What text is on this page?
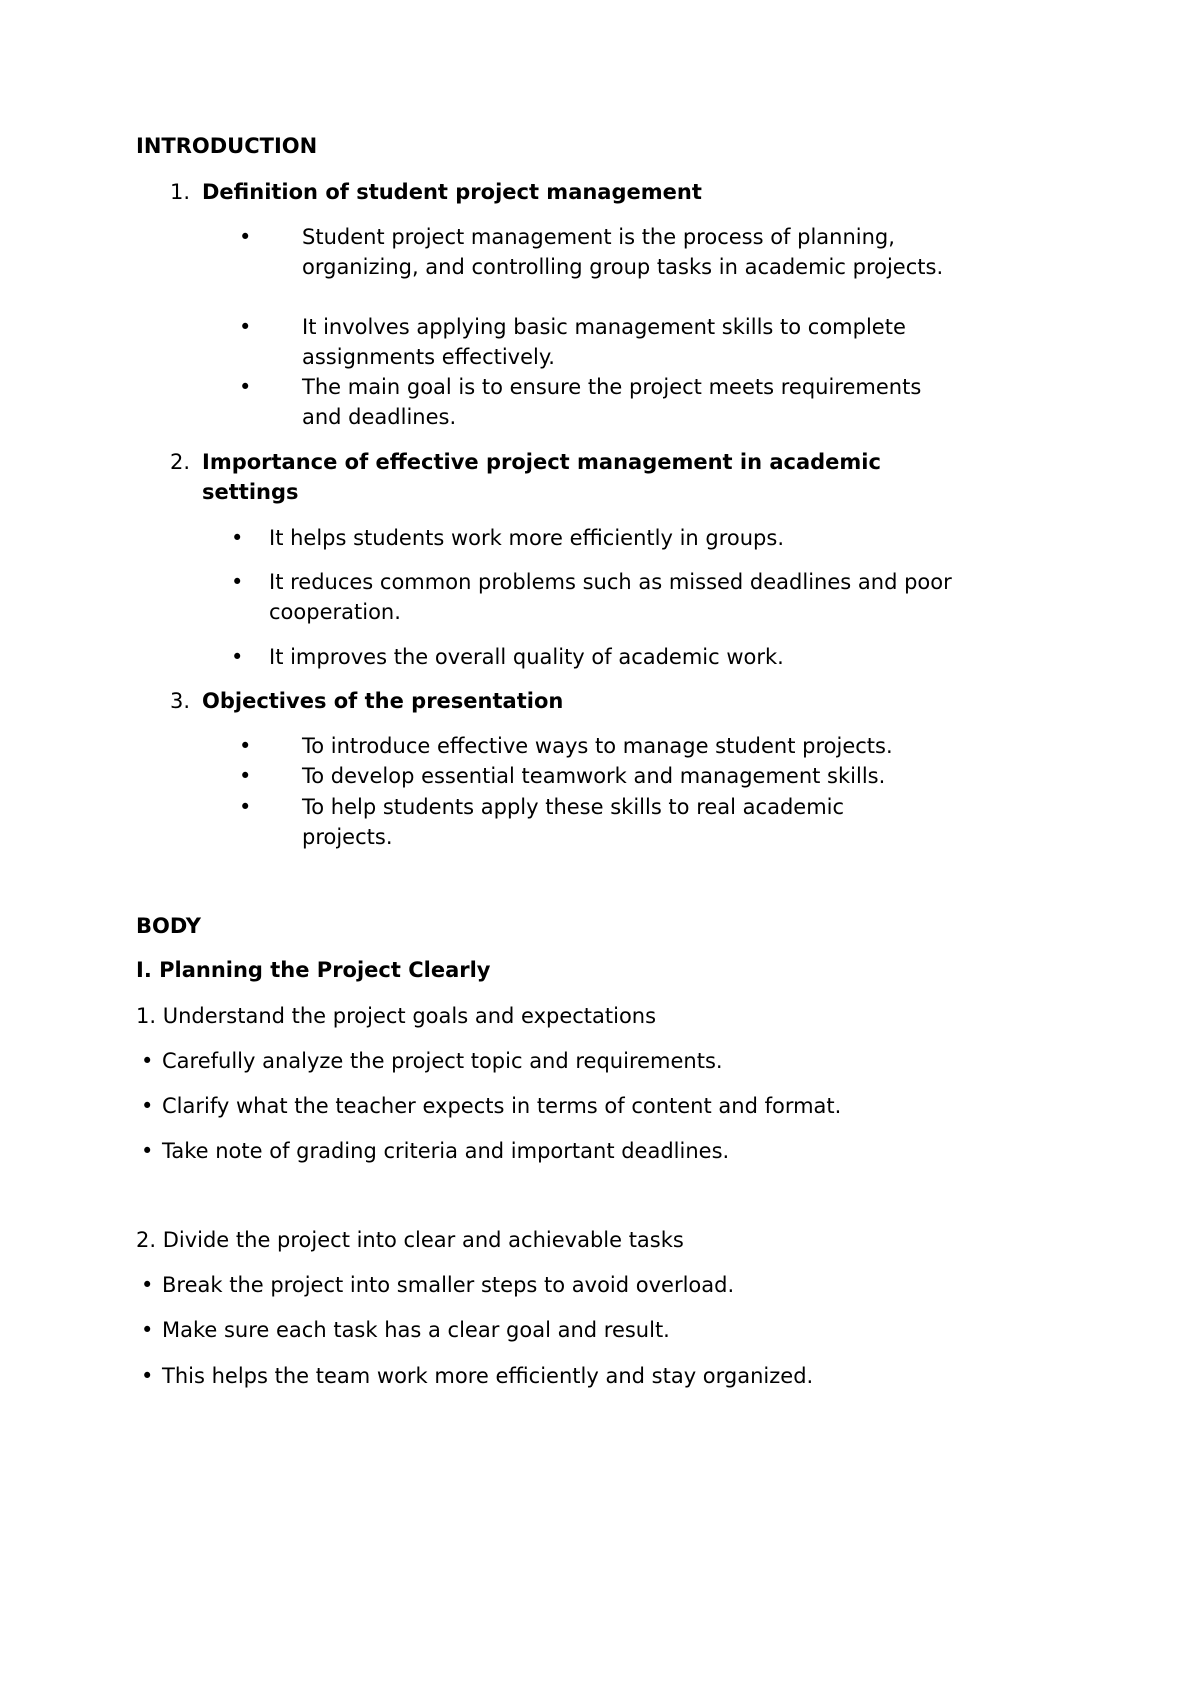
INTRODUCTION
1. Definition of student project management
• Student project management is the process of planning, organizing, and controlling group tasks in academic projects.
• It involves applying basic management skills to complete assignments effectively.
• The main goal is to ensure the project meets requirements and deadlines.
2. Importance of effective project management in academic settings
• It helps students work more efficiently in groups.
• It reduces common problems such as missed deadlines and poor cooperation.
• It improves the overall quality of academic work.
3. Objectives of the presentation
• To introduce effective ways to manage student projects.
• To develop essential teamwork and management skills.
• To help students apply these skills to real academic projects.
BODY
I. Planning the Project Clearly
1. Understand the project goals and expectations
• Carefully analyze the project topic and requirements.
• Clarify what the teacher expects in terms of content and format.
• Take note of grading criteria and important deadlines.
2. Divide the project into clear and achievable tasks
• Break the project into smaller steps to avoid overload.
• Make sure each task has a clear goal and result.
• This helps the team work more efficiently and stay organized.
